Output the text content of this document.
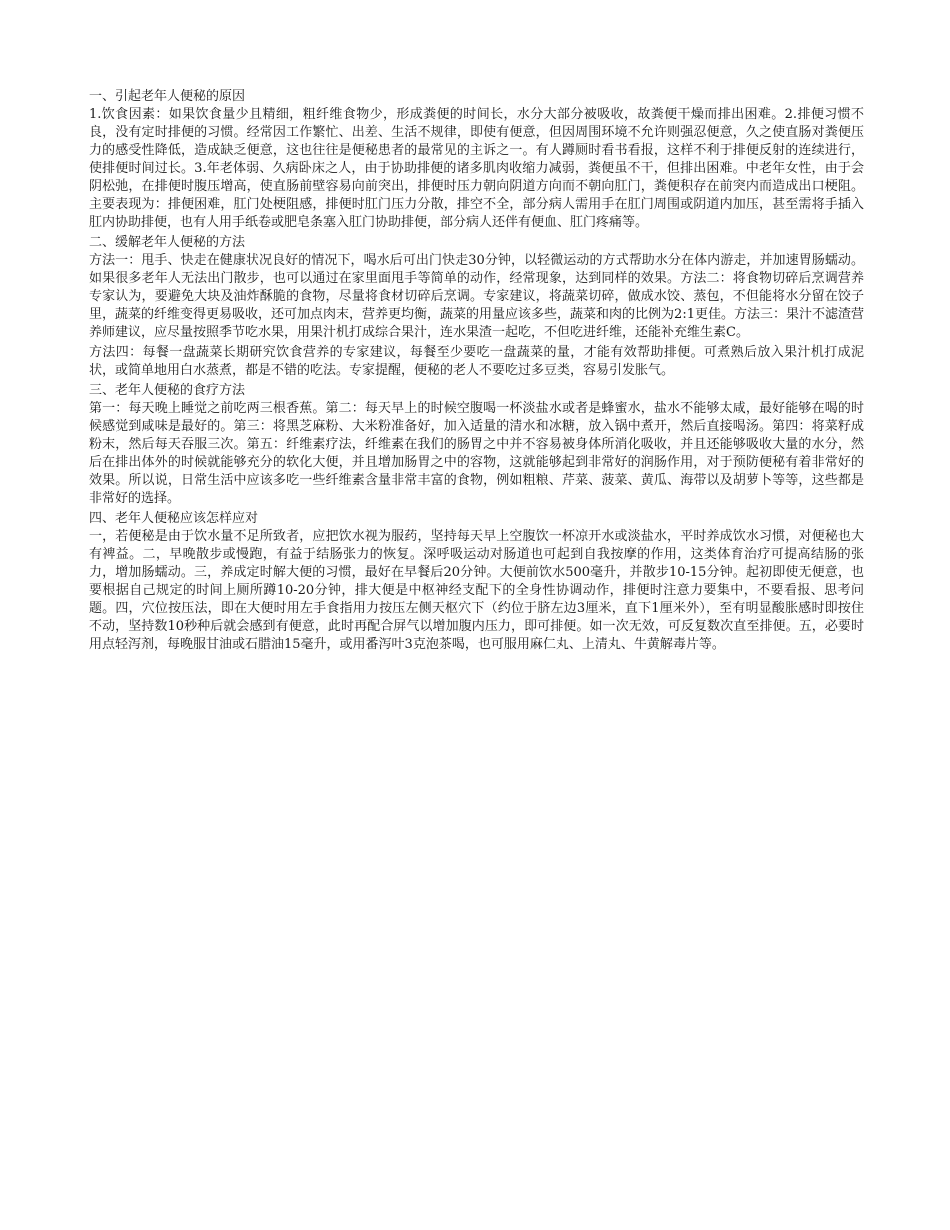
一、引起老年人便秘的原因

1.饮食因素：如果饮食量少且精细，粗纤维食物少，形成粪便的时间长，水分大部分被吸收，故粪便干燥而排出困难。2.排便习惯不良，没有定时排便的习惯。经常因工作繁忙、出差、生活不规律，即使有便意，但因周围环境不允许则强忍便意，久之使直肠对粪便压力的感受性降低，造成缺乏便意，这也往往是便秘患者的最常见的主诉之一。有人蹲厕时看书看报，这样不利于排便反射的连续进行，使排便时间过长。3.年老体弱、久病卧床之人，由于协助排便的诸多肌肉收缩力减弱，粪便虽不干，但排出困难。中老年女性，由于会阴松弛，在排便时腹压增高，使直肠前壁容易向前突出，排便时压力朝向阴道方向而不朝向肛门，粪便积存在前突内而造成出口梗阻。主要表现为：排便困难，肛门处梗阻感，排便时肛门压力分散，排空不全，部分病人需用手在肛门周围或阴道内加压，甚至需将手插入肛内协助排便，也有人用手纸卷或肥皂条塞入肛门协助排便，部分病人还伴有便血、肛门疼痛等。

二、缓解老年人便秘的方法

方法一：甩手、快走在健康状况良好的情况下，喝水后可出门快走30分钟，以轻微运动的方式帮助水分在体内游走，并加速胃肠蠕动。如果很多老年人无法出门散步，也可以通过在家里面甩手等简单的动作，经常现象，达到同样的效果。方法二：将食物切碎后烹调营养专家认为，要避免大块及油炸酥脆的食物，尽量将食材切碎后烹调。专家建议，将蔬菜切碎，做成水饺、蒸包，不但能将水分留在饺子里，蔬菜的纤维变得更易吸收，还可加点肉末，营养更均衡，蔬菜的用量应该多些，蔬菜和肉的比例为2:1更佳。方法三：果汁不滤渣营养师建议，应尽量按照季节吃水果，用果汁机打成综合果汁，连水果渣一起吃，不但吃进纤维，还能补充维生素C。

方法四：每餐一盘蔬菜长期研究饮食营养的专家建议，每餐至少要吃一盘蔬菜的量，才能有效帮助排便。可煮熟后放入果汁机打成泥状，或简单地用白水蒸煮，都是不错的吃法。专家提醒，便秘的老人不要吃过多豆类，容易引发胀气。

三、老年人便秘的食疗方法

第一：每天晚上睡觉之前吃两三根香蕉。第二：每天早上的时候空腹喝一杯淡盐水或者是蜂蜜水，盐水不能够太咸，最好能够在喝的时候感觉到咸味是最好的。第三：将黑芝麻粉、大米粉准备好，加入适量的清水和冰糖，放入锅中煮开，然后直接喝汤。第四：将菜籽成粉末，然后每天吞服三次。第五：纤维素疗法，纤维素在我们的肠胃之中并不容易被身体所消化吸收，并且还能够吸收大量的水分，然后在排出体外的时候就能够充分的软化大便，并且增加肠胃之中的容物，这就能够起到非常好的润肠作用，对于预防便秘有着非常好的效果。所以说，日常生活中应该多吃一些纤维素含量非常丰富的食物，例如粗粮、芹菜、菠菜、黄瓜、海带以及胡萝卜等等，这些都是非常好的选择。

四、老年人便秘应该怎样应对

一，若便秘是由于饮水量不足所致者，应把饮水视为服药，坚持每天早上空腹饮一杯凉开水或淡盐水，平时养成饮水习惯，对便秘也大有裨益。二，早晚散步或慢跑，有益于结肠张力的恢复。深呼吸运动对肠道也可起到自我按摩的作用，这类体育治疗可提高结肠的张力，增加肠蠕动。三，养成定时解大便的习惯，最好在早餐后20分钟。大便前饮水500毫升，并散步10-15分钟。起初即使无便意，也要根据自己规定的时间上厕所蹲10-20分钟，排大便是中枢神经支配下的全身性协调动作，排便时注意力要集中，不要看报、思考问题。四，穴位按压法，即在大便时用左手食指用力按压左侧天枢穴下（约位于脐左边3厘米，直下1厘米外），至有明显酸胀感时即按住不动，坚持数10秒种后就会感到有便意，此时再配合屏气以增加腹内压力，即可排便。如一次无效，可反复数次直至排便。五，必要时用点轻泻剂，每晚服甘油或石腊油15毫升，或用番泻叶3克泡茶喝，也可服用麻仁丸、上清丸、牛黄解毒片等。
